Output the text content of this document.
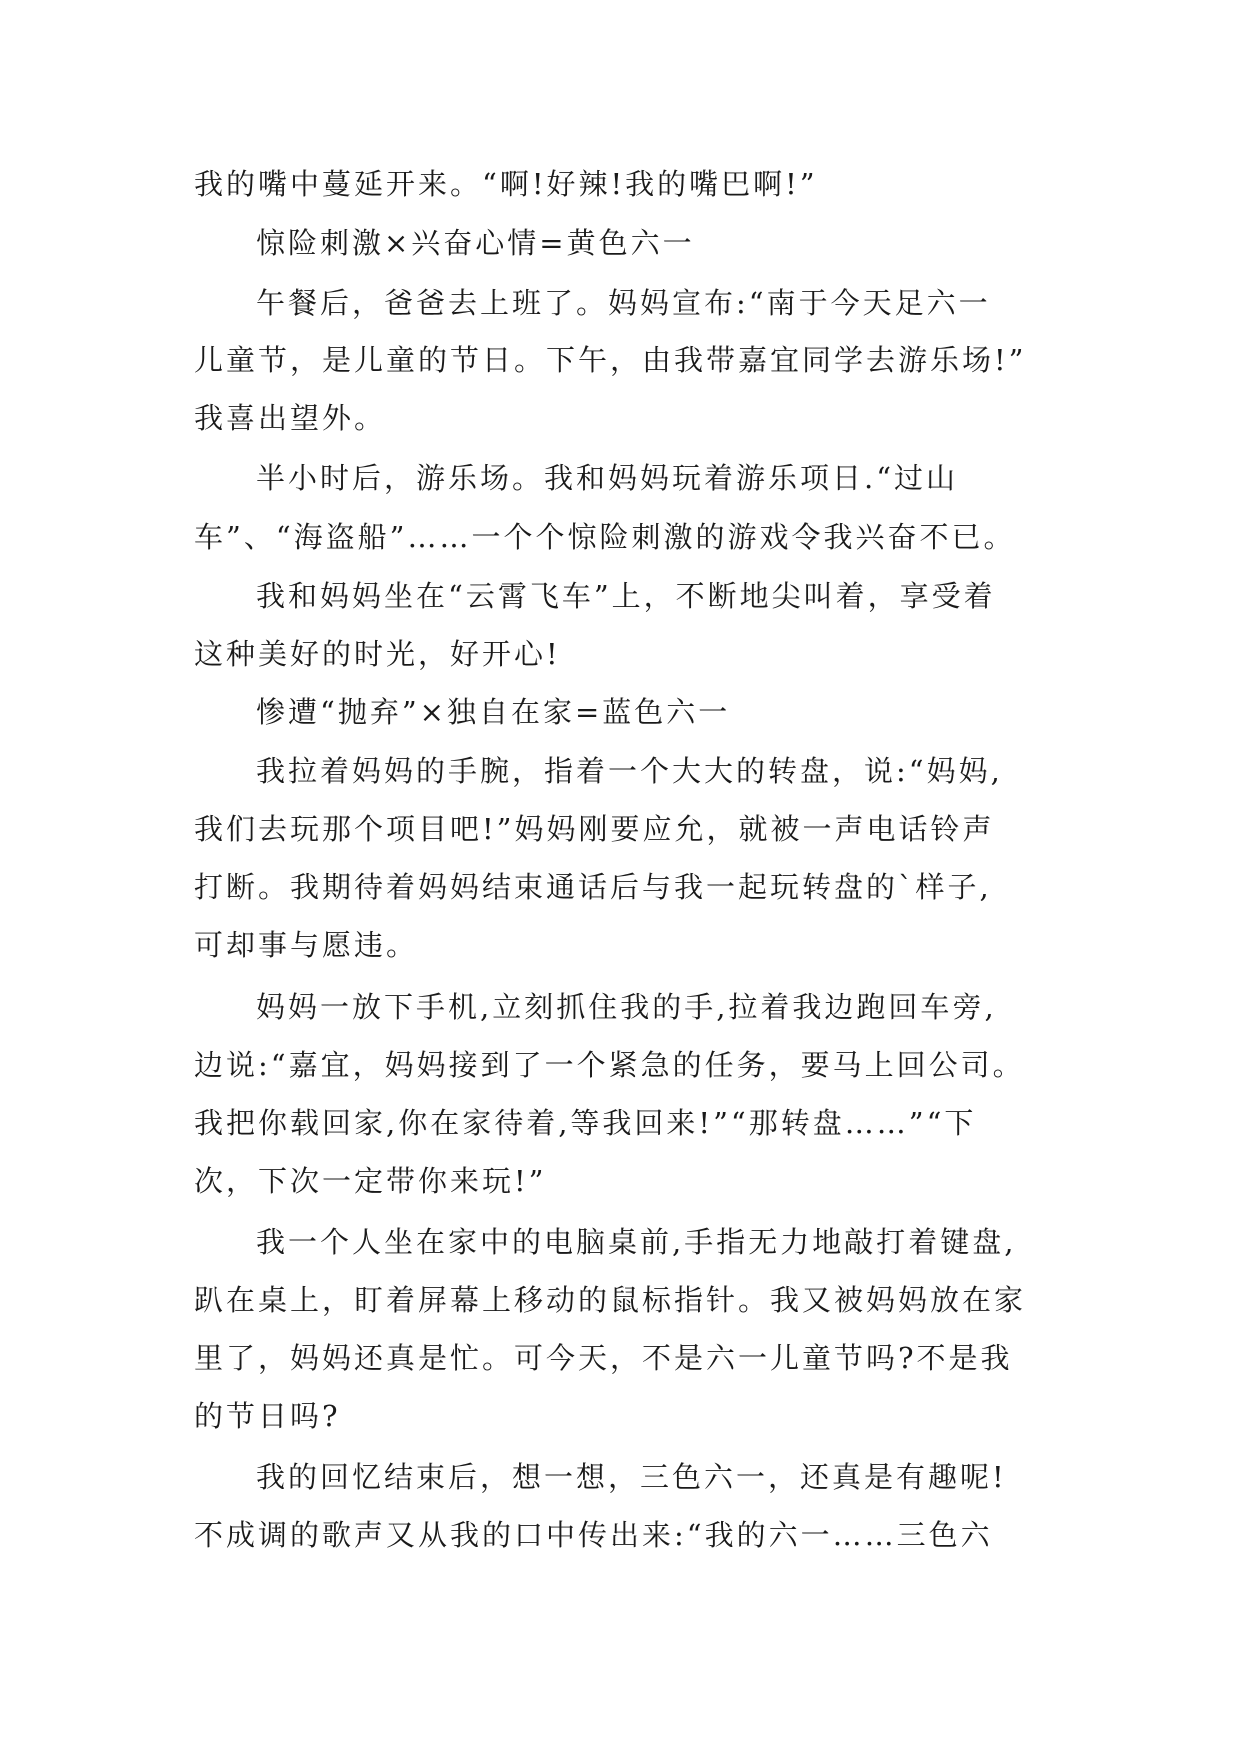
我的嘴中蔓延开来。“啊!好辣!我的嘴巴啊!”
惊险刺激×兴奋心情=黄色六一
午餐后，爸爸去上班了。妈妈宣布:“南于今天足六一
儿童节，是儿童的节日。下午，由我带嘉宜同学去游乐场!”
我喜出望外。
半小时后，游乐场。我和妈妈玩着游乐项日.“过山
车”、“海盗船”……一个个惊险刺激的游戏令我兴奋不已。
我和妈妈坐在“云霄飞车”上，不断地尖叫着，享受着
这种美好的时光，好开心!
惨遭“抛弃”×独自在家=蓝色六一
我拉着妈妈的手腕，指着一个大大的转盘，说:“妈妈,
我们去玩那个项目吧!”妈妈刚要应允，就被一声电话铃声
打断。我期待着妈妈结束通话后与我一起玩转盘的`样子,
可却事与愿违。
妈妈一放下手机,立刻抓住我的手,拉着我边跑回车旁,
边说:“嘉宜，妈妈接到了一个紧急的任务，要马上回公司。
我把你载回家,你在家待着,等我回来!”“那转盘……”“下
次，下次一定带你来玩!”
我一个人坐在家中的电脑桌前,手指无力地敲打着键盘,
趴在桌上，盯着屏幕上移动的鼠标指针。我又被妈妈放在家
里了，妈妈还真是忙。可今天，不是六一儿童节吗?不是我
的节日吗?
我的回忆结束后，想一想，三色六一，还真是有趣呢!
不成调的歌声又从我的口中传出来:“我的六一……三色六
